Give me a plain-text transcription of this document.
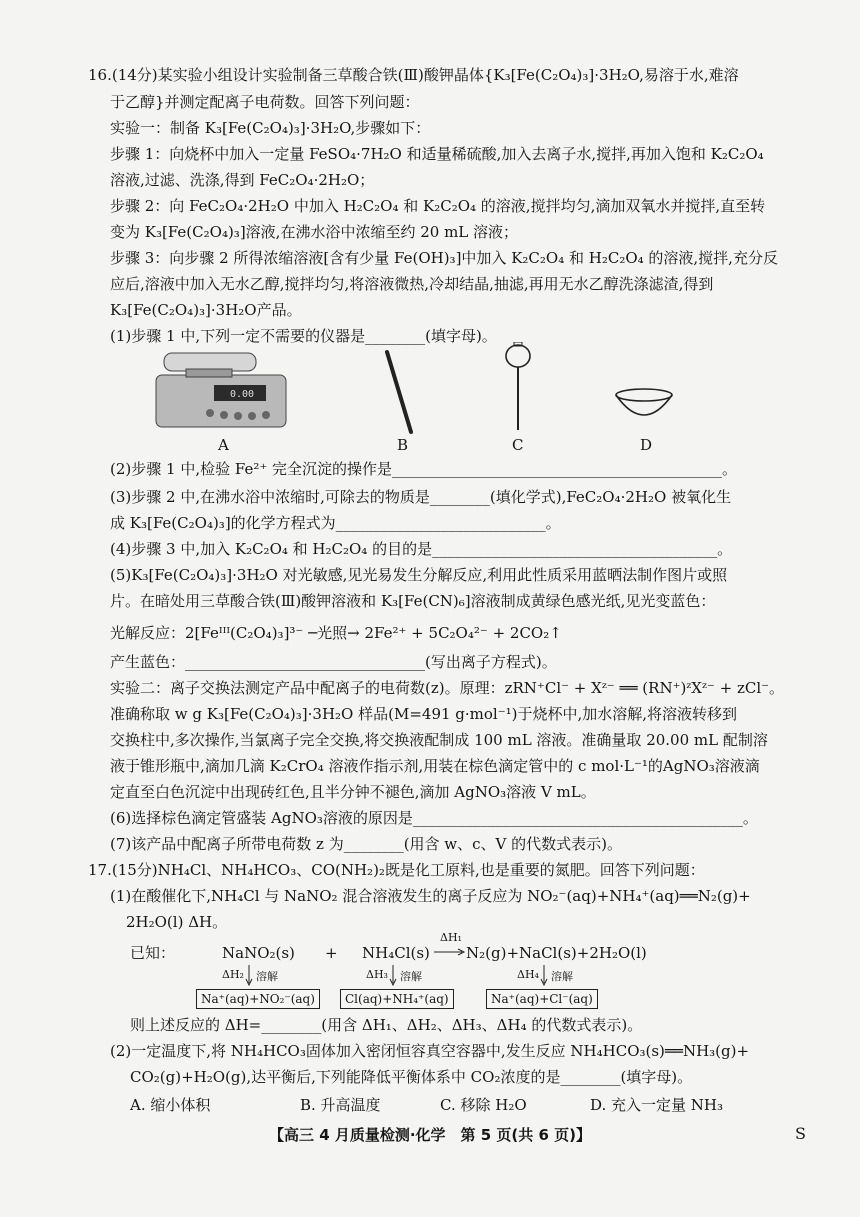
16.(14分)某实验小组设计实验制备三草酸合铁(Ⅲ)酸钾晶体{K₃[Fe(C₂O₄)₃]·3H₂O,易溶于水,难溶
于乙醇}并测定配离子电荷数。回答下列问题：
实验一：制备 K₃[Fe(C₂O₄)₃]·3H₂O,步骤如下：
步骤 1：向烧杯中加入一定量 FeSO₄·7H₂O 和适量稀硫酸,加入去离子水,搅拌,再加入饱和 K₂C₂O₄
溶液,过滤、洗涤,得到 FeC₂O₄·2H₂O；
步骤 2：向 FeC₂O₄·2H₂O 中加入 H₂C₂O₄ 和 K₂C₂O₄ 的溶液,搅拌均匀,滴加双氧水并搅拌,直至转
变为 K₃[Fe(C₂O₄)₃]溶液,在沸水浴中浓缩至约 20 mL 溶液；
步骤 3：向步骤 2 所得浓缩溶液[含有少量 Fe(OH)₃]中加入 K₂C₂O₄ 和 H₂C₂O₄ 的溶液,搅拌,充分反
应后,溶液中加入无水乙醇,搅拌均匀,将溶液微热,冷却结晶,抽滤,再用无水乙醇洗涤滤渣,得到
K₃[Fe(C₂O₄)₃]·3H₂O产品。
(1)步骤 1 中,下列一定不需要的仪器是________(填字母)。
0.00
A	B	C	D
(2)步骤 1 中,检验 Fe²⁺ 完全沉淀的操作是____________________________________________。
(3)步骤 2 中,在沸水浴中浓缩时,可除去的物质是________(填化学式),FeC₂O₄·2H₂O 被氧化生
成 K₃[Fe(C₂O₄)₃]的化学方程式为____________________________。
(4)步骤 3 中,加入 K₂C₂O₄ 和 H₂C₂O₄ 的目的是______________________________________。
(5)K₃[Fe(C₂O₄)₃]·3H₂O 对光敏感,见光易发生分解反应,利用此性质采用蓝晒法制作图片或照
片。在暗处用三草酸合铁(Ⅲ)酸钾溶液和 K₃[Fe(CN)₆]溶液制成黄绿色感光纸,见光变蓝色：
光解反应：2[Feᴵᴵᴵ(C₂O₄)₃]³⁻ ─光照→ 2Fe²⁺ + 5C₂O₄²⁻ + 2CO₂↑
产生蓝色：________________________________(写出离子方程式)。
实验二：离子交换法测定产品中配离子的电荷数(z)。原理：zRN⁺Cl⁻ + Xᶻ⁻ ══ (RN⁺)ᶻXᶻ⁻ + zCl⁻。
准确称取 w g K₃[Fe(C₂O₄)₃]·3H₂O 样品(M=491 g·mol⁻¹)于烧杯中,加水溶解,将溶液转移到
交换柱中,多次操作,当氯离子完全交换,将交换液配制成 100 mL 溶液。准确量取 20.00 mL 配制溶
液于锥形瓶中,滴加几滴 K₂CrO₄ 溶液作指示剂,用装在棕色滴定管中的 c mol·L⁻¹的AgNO₃溶液滴
定直至白色沉淀中出现砖红色,且半分钟不褪色,滴加 AgNO₃溶液 V mL。
(6)选择棕色滴定管盛装 AgNO₃溶液的原因是____________________________________________。
(7)该产品中配离子所带电荷数 z 为________(用含 w、c、V 的代数式表示)。
17.(15分)NH₄Cl、NH₄HCO₃、CO(NH₂)₂既是化工原料,也是重要的氮肥。回答下列问题：
(1)在酸催化下,NH₄Cl 与 NaNO₂ 混合溶液发生的离子反应为 NO₂⁻(aq)+NH₄⁺(aq)══N₂(g)+
2H₂O(l) ΔH。
已知：	NaNO₂(s) + NH₄Cl(s)
ΔH₁
N₂(g)+NaCl(s)+2H₂O(l)
ΔH₂ 溶解	ΔH₃ 溶解	ΔH₄ 溶解
Na⁺(aq)+NO₂⁻(aq)	Cl(aq)+NH₄⁺(aq)	Na⁺(aq)+Cl⁻(aq)
则上述反应的 ΔH=________(用含 ΔH₁、ΔH₂、ΔH₃、ΔH₄ 的代数式表示)。
(2)一定温度下,将 NH₄HCO₃固体加入密闭恒容真空容器中,发生反应 NH₄HCO₃(s)══NH₃(g)+
CO₂(g)+H₂O(g),达平衡后,下列能降低平衡体系中 CO₂浓度的是________(填字母)。
A. 缩小体积	B. 升高温度	C. 移除 H₂O	D. 充入一定量 NH₃
【高三 4 月质量检测·化学　第 5 页(共 6 页)】	S
